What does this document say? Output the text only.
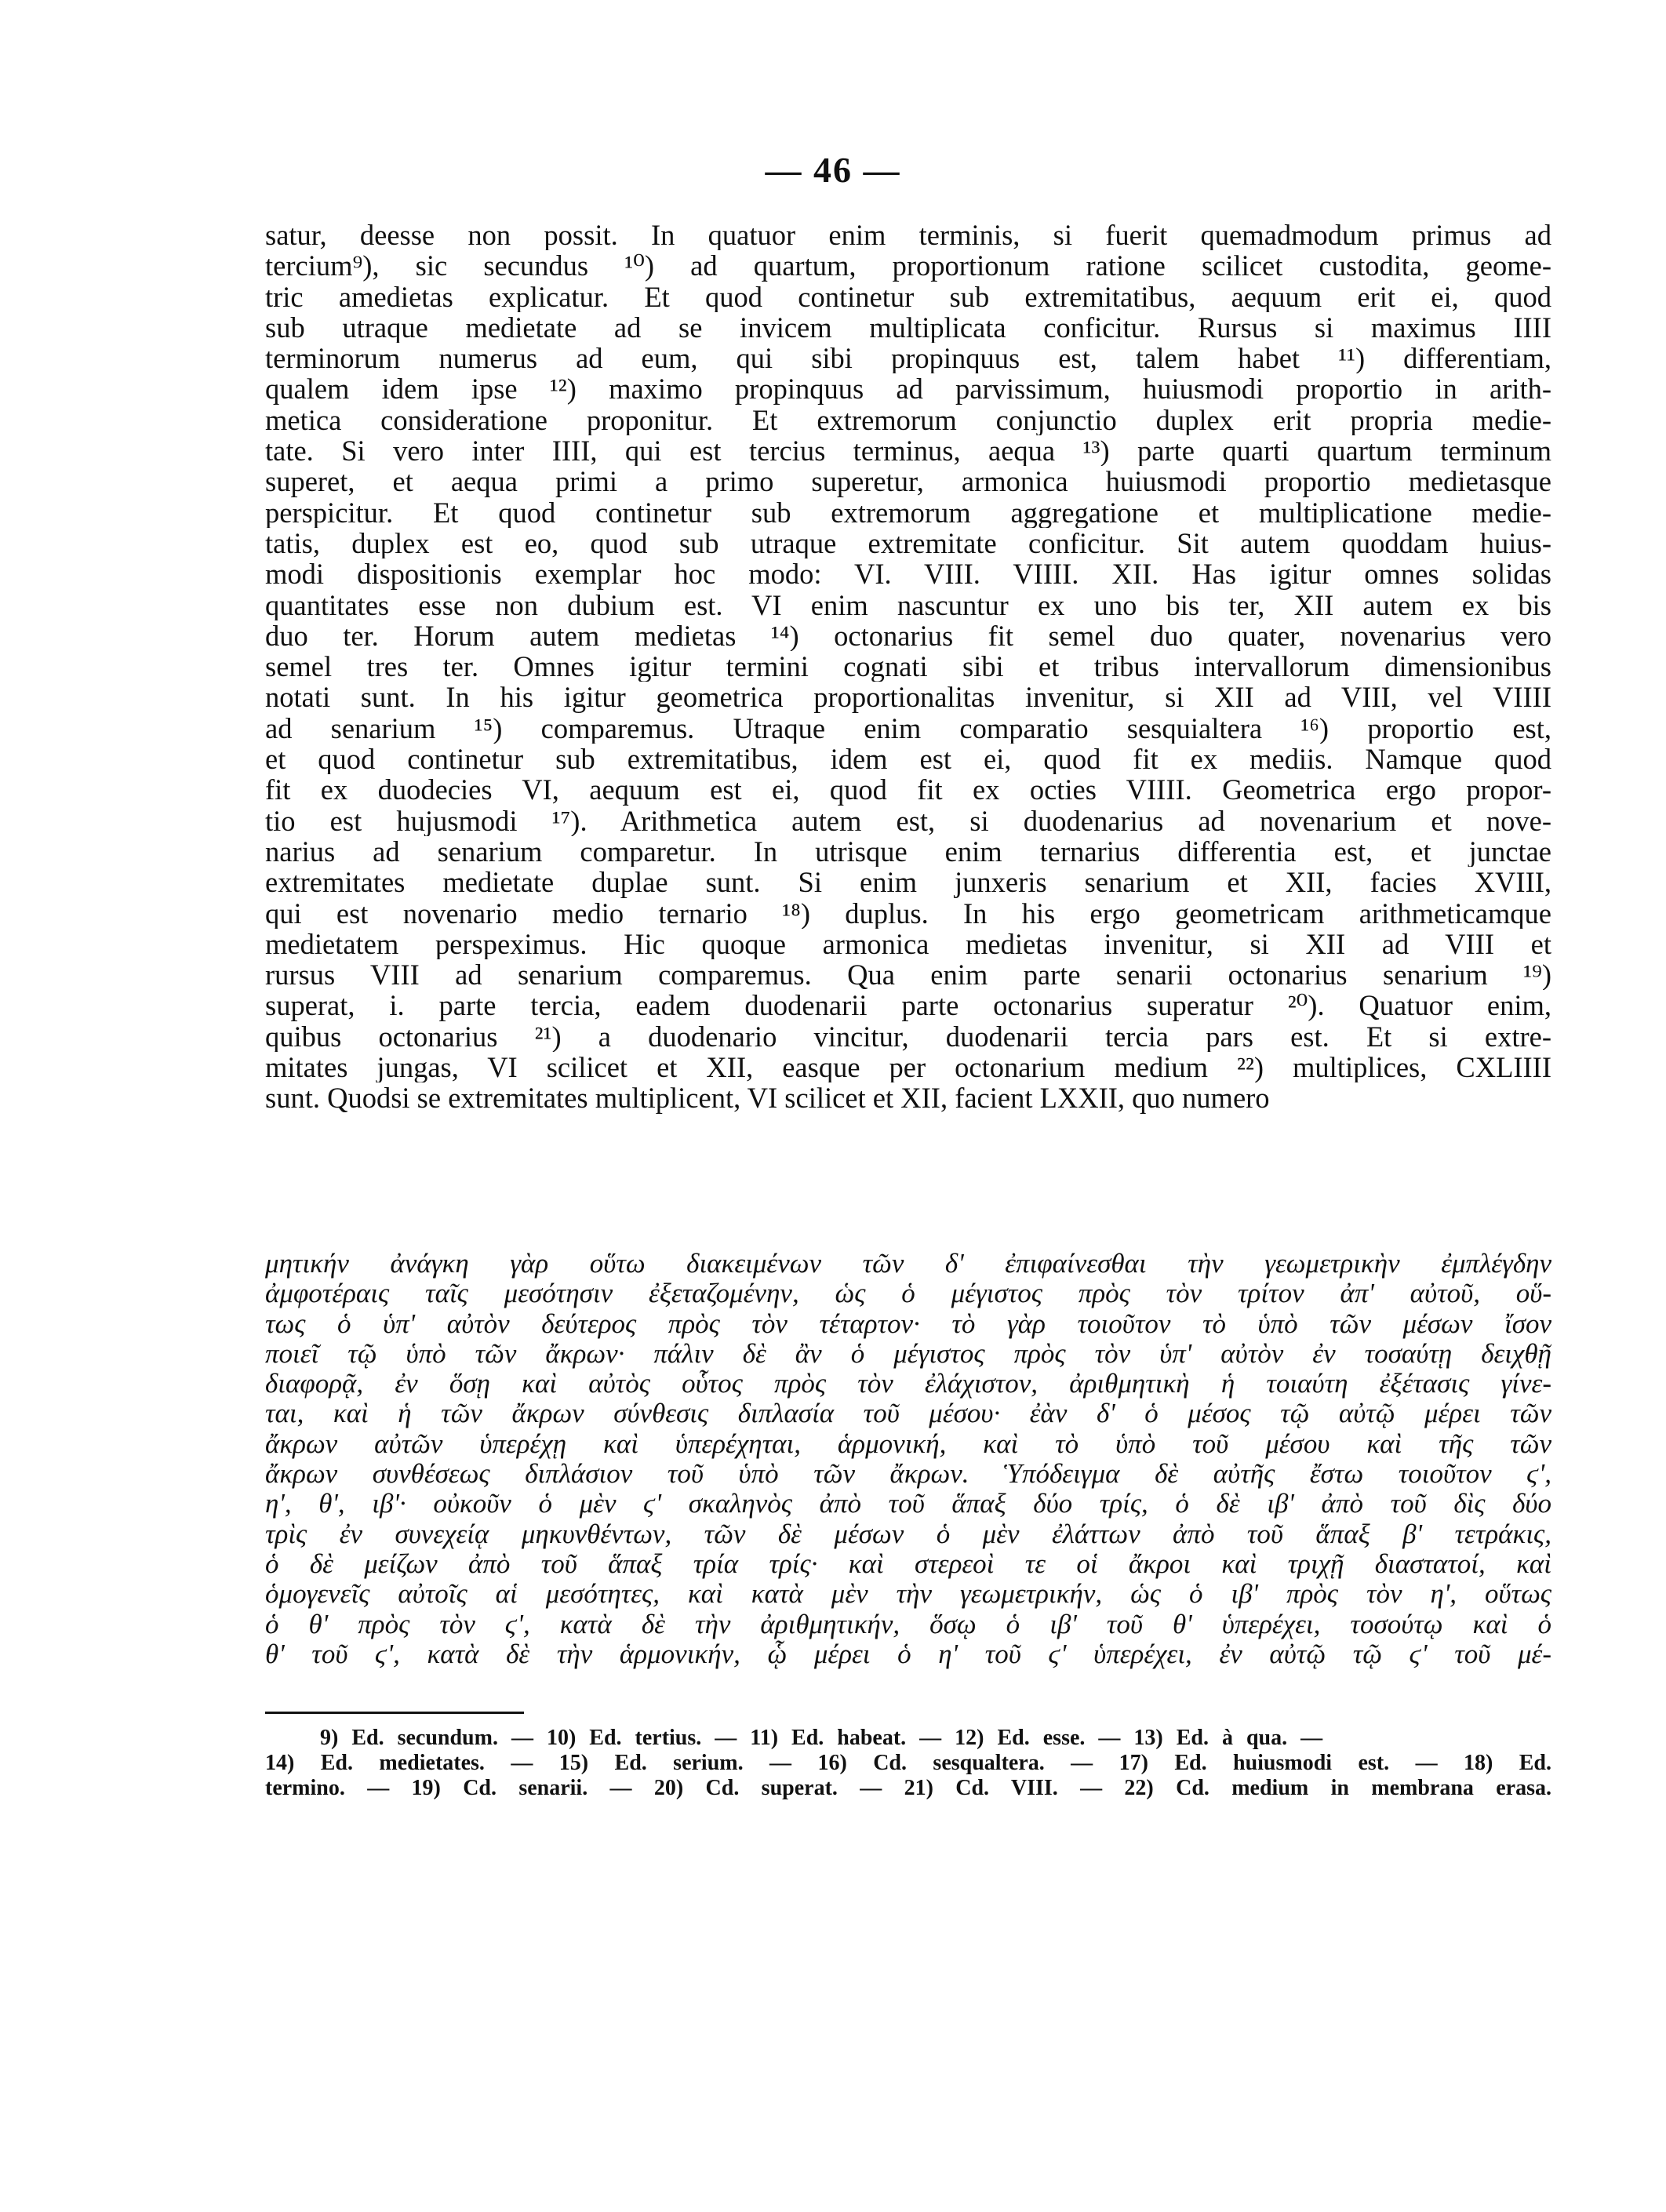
— 46 —
satur, deesse non possit. In quatuor enim terminis, si fuerit quemadmodum primus ad
tercium⁹), sic secundus ¹⁰) ad quartum, proportionum ratione scilicet custodita, geome-
tric amedietas explicatur. Et quod continetur sub extremitatibus, aequum erit ei, quod
sub utraque medietate ad se invicem multiplicata conficitur. Rursus si maximus IIII
terminorum numerus ad eum, qui sibi propinquus est, talem habet ¹¹) differentiam,
qualem idem ipse ¹²) maximo propinquus ad parvissimum, huiusmodi proportio in arith-
metica consideratione proponitur. Et extremorum conjunctio duplex erit propria medie-
tate. Si vero inter IIII, qui est tercius terminus, aequa ¹³) parte quarti quartum terminum
superet, et aequa primi a primo superetur, armonica huiusmodi proportio medietasque
perspicitur. Et quod continetur sub extremorum aggregatione et multiplicatione medie-
tatis, duplex est eo, quod sub utraque extremitate conficitur. Sit autem quoddam huius-
modi dispositionis exemplar hoc modo: VI. VIII. VIIII. XII. Has igitur omnes solidas
quantitates esse non dubium est. VI enim nascuntur ex uno bis ter, XII autem ex bis
duo ter. Horum autem medietas ¹⁴) octonarius fit semel duo quater, novenarius vero
semel tres ter. Omnes igitur termini cognati sibi et tribus intervallorum dimensionibus
notati sunt. In his igitur geometrica proportionalitas invenitur, si XII ad VIII, vel VIIII
ad senarium ¹⁵) comparemus. Utraque enim comparatio sesquialtera ¹⁶) proportio est,
et quod continetur sub extremitatibus, idem est ei, quod fit ex mediis. Namque quod
fit ex duodecies VI, aequum est ei, quod fit ex octies VIIII. Geometrica ergo propor-
tio est hujusmodi ¹⁷). Arithmetica autem est, si duodenarius ad novenarium et nove-
narius ad senarium comparetur. In utrisque enim ternarius differentia est, et junctae
extremitates medietate duplae sunt. Si enim junxeris senarium et XII, facies XVIII,
qui est novenario medio ternario ¹⁸) duplus. In his ergo geometricam arithmeticamque
medietatem perspeximus. Hic quoque armonica medietas invenitur, si XII ad VIII et
rursus VIII ad senarium comparemus. Qua enim parte senarii octonarius senarium ¹⁹)
superat, i. parte tercia, eadem duodenarii parte octonarius superatur ²⁰). Quatuor enim,
quibus octonarius ²¹) a duodenario vincitur, duodenarii tercia pars est. Et si extre-
mitates jungas, VI scilicet et XII, easque per octonarium medium ²²) multiplices, CXLIIII
sunt. Quodsi se extremitates multiplicent, VI scilicet et XII, facient LXXII, quo numero
μητικήν ἀνάγκη γὰρ οὕτω διακειμένων τῶν δ' ἐπιφαίνεσθαι τὴν γεωμετρικὴν ἐμπλέγδην
ἀμφοτέραις ταῖς μεσότησιν ἐξεταζομένην, ὡς ὁ μέγιστος πρὸς τὸν τρίτον ἀπ' αὐτοῦ, οὕ-
τως ὁ ὑπ' αὐτὸν δεύτερος πρὸς τὸν τέταρτον· τὸ γὰρ τοιοῦτον τὸ ὑπὸ τῶν μέσων ἴσον
ποιεῖ τῷ ὑπὸ τῶν ἄκρων· πάλιν δὲ ἂν ὁ μέγιστος πρὸς τὸν ὑπ' αὐτὸν ἐν τοσαύτῃ δειχθῇ
διαφορᾷ, ἐν ὅσῃ καὶ αὐτὸς οὗτος πρὸς τὸν ἐλάχιστον, ἀριθμητικὴ ἡ τοιαύτη ἐξέτασις γίνε-
ται, καὶ ἡ τῶν ἄκρων σύνθεσις διπλασία τοῦ μέσου· ἐὰν δ' ὁ μέσος τῷ αὐτῷ μέρει τῶν
ἄκρων αὐτῶν ὑπερέχῃ καὶ ὑπερέχηται, ἁρμονική, καὶ τὸ ὑπὸ τοῦ μέσου καὶ τῆς τῶν
ἄκρων συνθέσεως διπλάσιον τοῦ ὑπὸ τῶν ἄκρων. Ὑπόδειγμα δὲ αὐτῆς ἔστω τοιοῦτον ϛ',
η', θ', ιβ'· οὐκοῦν ὁ μὲν ϛ' σκαληνὸς ἀπὸ τοῦ ἅπαξ δύο τρίς, ὁ δὲ ιβ' ἀπὸ τοῦ δὶς δύο
τρὶς ἐν συνεχείᾳ μηκυνθέντων, τῶν δὲ μέσων ὁ μὲν ἐλάττων ἀπὸ τοῦ ἅπαξ β' τετράκις,
ὁ δὲ μείζων ἀπὸ τοῦ ἅπαξ τρία τρίς· καὶ στερεοὶ τε οἱ ἄκροι καὶ τριχῇ διαστατοί, καὶ
ὁμογενεῖς αὐτοῖς αἱ μεσότητες, καὶ κατὰ μὲν τὴν γεωμετρικήν, ὡς ὁ ιβ' πρὸς τὸν η', οὕτως
ὁ θ' πρὸς τὸν ϛ', κατὰ δὲ τὴν ἀριθμητικήν, ὅσῳ ὁ ιβ' τοῦ θ' ὑπερέχει, τοσούτῳ καὶ ὁ
θ' τοῦ ϛ', κατὰ δὲ τὴν ἁρμονικήν, ᾧ μέρει ὁ η' τοῦ ϛ' ὑπερέχει, ἐν αὐτῷ τῷ ϛ' τοῦ μέ-
9) Ed. secundum. — 10) Ed. tertius. — 11) Ed. habeat. — 12) Ed. esse. — 13) Ed. à qua. —
14) Ed. medietates. — 15) Ed. serium. — 16) Cd. sesqualtera. — 17) Ed. huiusmodi est. — 18) Ed.
termino. — 19) Cd. senarii. — 20) Cd. superat. — 21) Cd. VIII. — 22) Cd. medium in membrana erasa.
